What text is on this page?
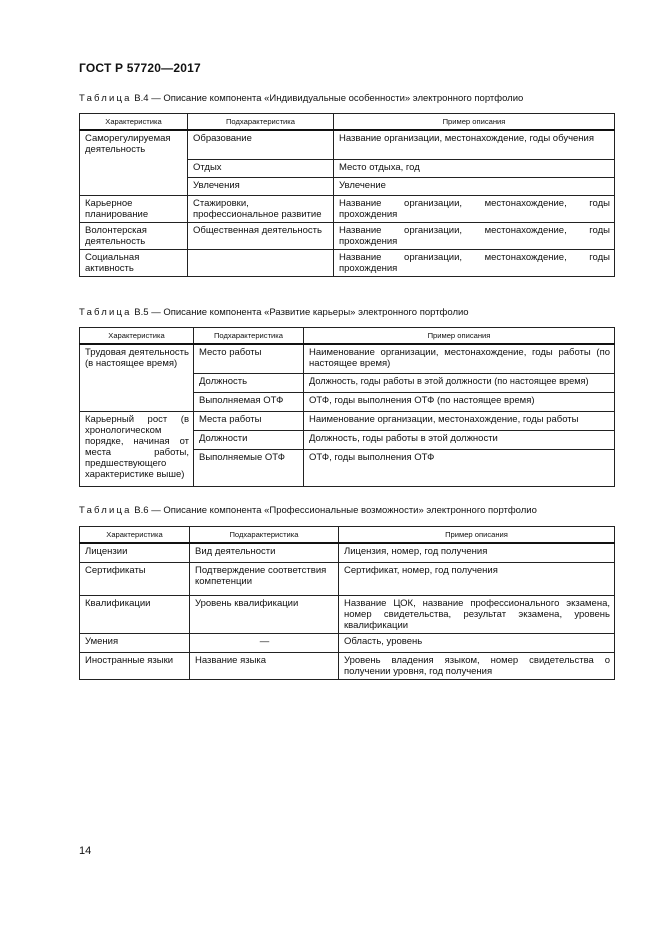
ГОСТ Р 57720—2017
Таблица В.4 — Описание компонента «Индивидуальные особенности» электронного портфолио
Характеристика	Подхарактеристика	Пример описания
Саморегулируемая деятельность	Образование	Название организации, местонахождение, годы обучения
	Отдых	Место отдыха, год
	Увлечения	Увлечение
Карьерное планирование	Стажировки, профессиональное развитие	Название организации, местонахождение, годы прохождения
Волонтерская деятельность	Общественная деятельность	Название организации, местонахождение, годы прохождения
Социальная активность		Название организации, местонахождение, годы прохождения
Таблица В.5 — Описание компонента «Развитие карьеры» электронного портфолио
Характеристика	Подхарактеристика	Пример описания
Трудовая деятельность (в настоящее время)	Место работы	Наименование организации, местонахождение, годы работы (по настоящее время)
	Должность	Должность, годы работы в этой должности (по настоящее время)
	Выполняемая ОТФ	ОТФ, годы выполнения ОТФ (по настоящее время)
Карьерный рост (в хронологическом порядке, начиная от места работы, предшествующего характеристике выше)	Места работы	Наименование организации, местонахождение, годы работы
	Должности	Должность, годы работы в этой должности
	Выполняемые ОТФ	ОТФ, годы выполнения ОТФ
Таблица В.6 — Описание компонента «Профессиональные возможности» электронного портфолио
Характеристика	Подхарактеристика	Пример описания
Лицензии	Вид деятельности	Лицензия, номер, год получения
Сертификаты	Подтверждение соответствия компетенции	Сертификат, номер, год получения
Квалификации	Уровень квалификации	Название ЦОК, название профессионального экзамена, номер свидетельства, результат экзамена, уровень квалификации
Умения	—	Область, уровень
Иностранные языки	Название языка	Уровень владения языком, номер свидетельства о получении уровня, год получения
14
